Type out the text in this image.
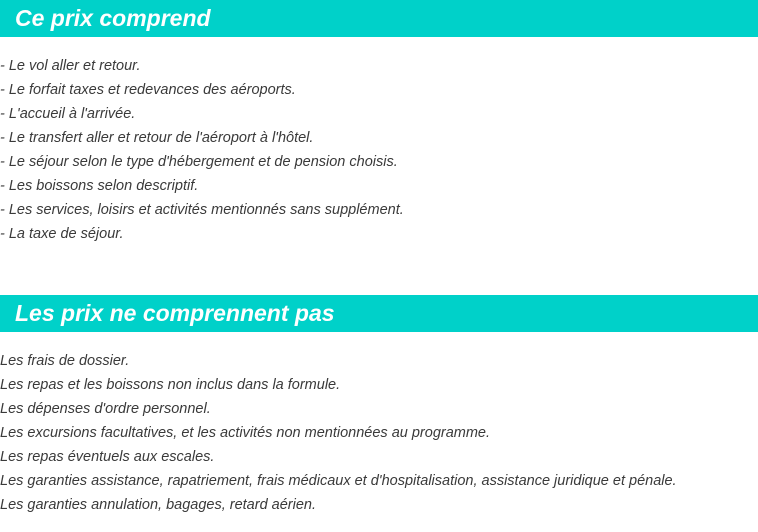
Ce prix comprend
- Le vol aller et retour.
- Le forfait taxes et redevances des aéroports.
- L'accueil à l'arrivée.
- Le transfert aller et retour de l'aéroport à l'hôtel.
- Le séjour selon le type d'hébergement et de pension choisis.
- Les boissons selon descriptif.
- Les services, loisirs et activités mentionnés sans supplément.
- La taxe de séjour.
Les prix ne comprennent pas
Les frais de dossier.
Les repas et les boissons non inclus dans la formule.
Les dépenses d'ordre personnel.
Les excursions facultatives, et les activités non mentionnées au programme.
Les repas éventuels aux escales.
Les garanties assistance, rapatriement, frais médicaux et d'hospitalisation, assistance juridique et pénale.
Les garanties annulation, bagages, retard aérien.
